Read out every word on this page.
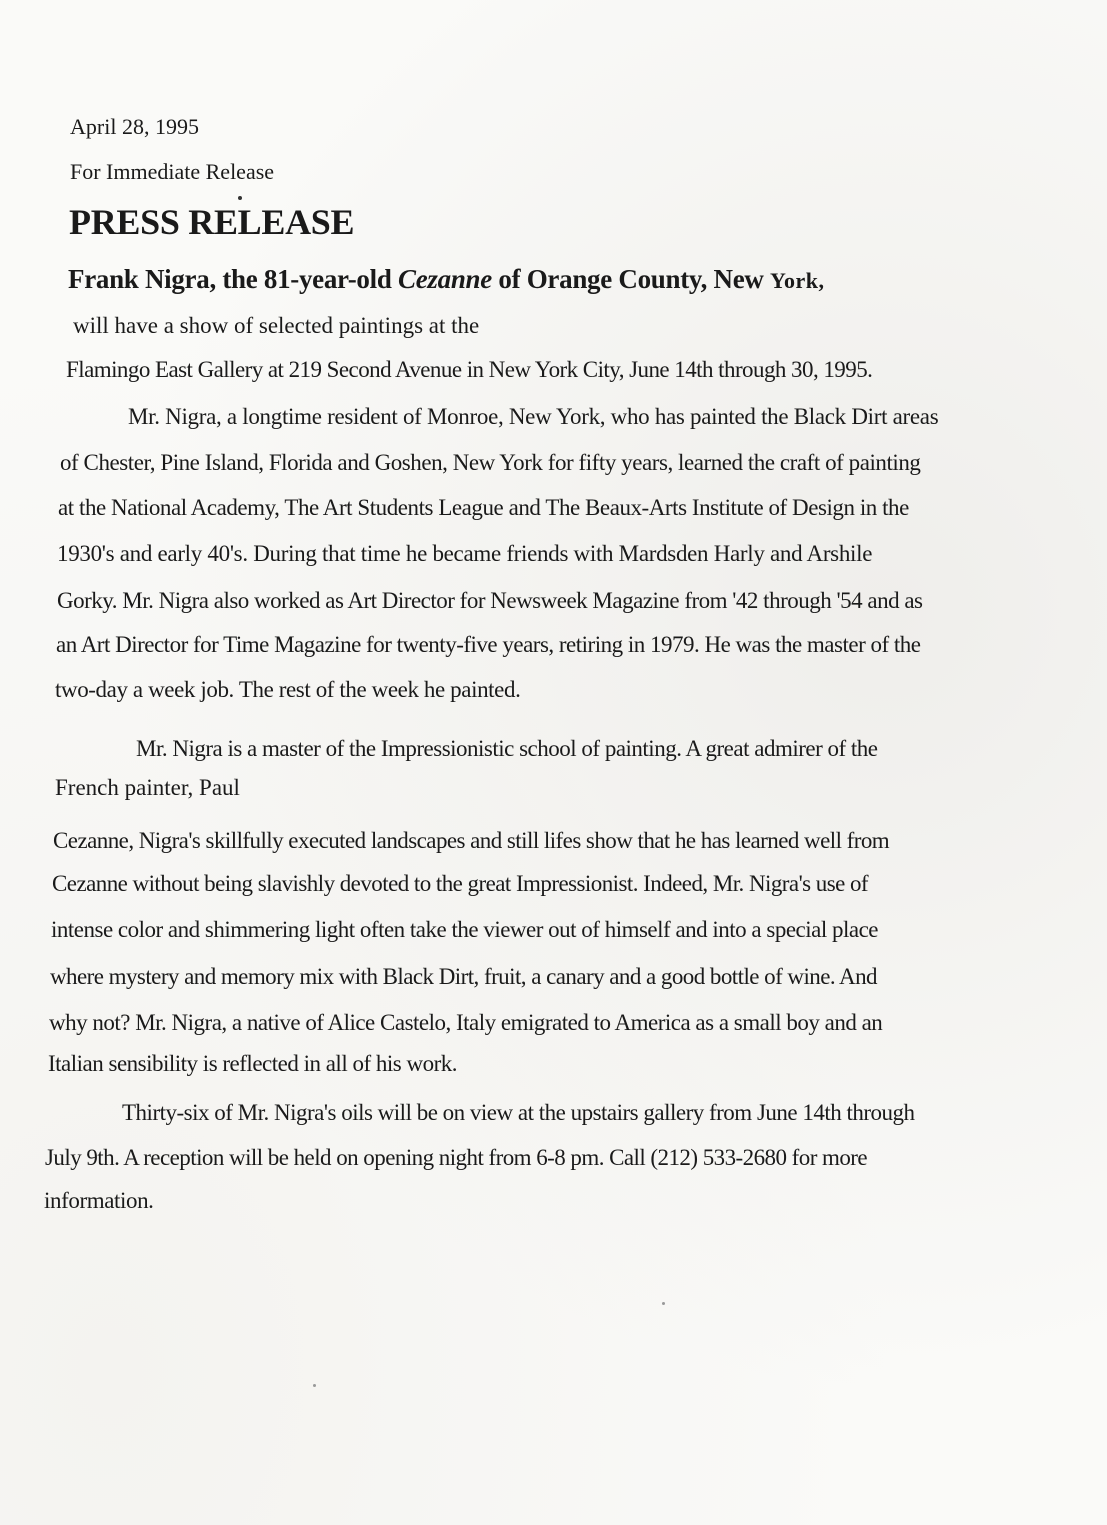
April 28, 1995
For Immediate Release
PRESS RELEASE
Frank Nigra, the 81-year-old Cezanne of Orange County, New York,
will have a show of selected paintings at the
Flamingo East Gallery at 219 Second Avenue in New York City, June 14th through 30, 1995.
Mr. Nigra, a longtime resident of Monroe, New York, who has painted the Black Dirt areas
of Chester, Pine Island, Florida and Goshen, New York for fifty years, learned the craft of painting
at the National Academy, The Art Students League and The Beaux-Arts Institute of Design in the
1930's and early 40's. During that time he became friends with Mardsden Harly and Arshile
Gorky. Mr. Nigra also worked as Art Director for Newsweek Magazine from '42 through '54 and as
an Art Director for Time Magazine for twenty-five years, retiring in 1979. He was the master of the
two-day a week job. The rest of the week he painted.
Mr. Nigra is a master of the Impressionistic school of painting. A great admirer of the
French painter, Paul
Cezanne, Nigra's skillfully executed landscapes and still lifes show that he has learned well from
Cezanne without being slavishly devoted to the great Impressionist. Indeed, Mr. Nigra's use of
intense color and shimmering light often take the viewer out of himself and into a special place
where mystery and memory mix with Black Dirt, fruit, a canary and a good bottle of wine. And
why not? Mr. Nigra, a native of Alice Castelo, Italy emigrated to America as a small boy and an
Italian sensibility is reflected in all of his work.
Thirty-six of Mr. Nigra's oils will be on view at the upstairs gallery from June 14th through
July 9th. A reception will be held on opening night from 6-8 pm. Call (212) 533-2680 for more
information.
